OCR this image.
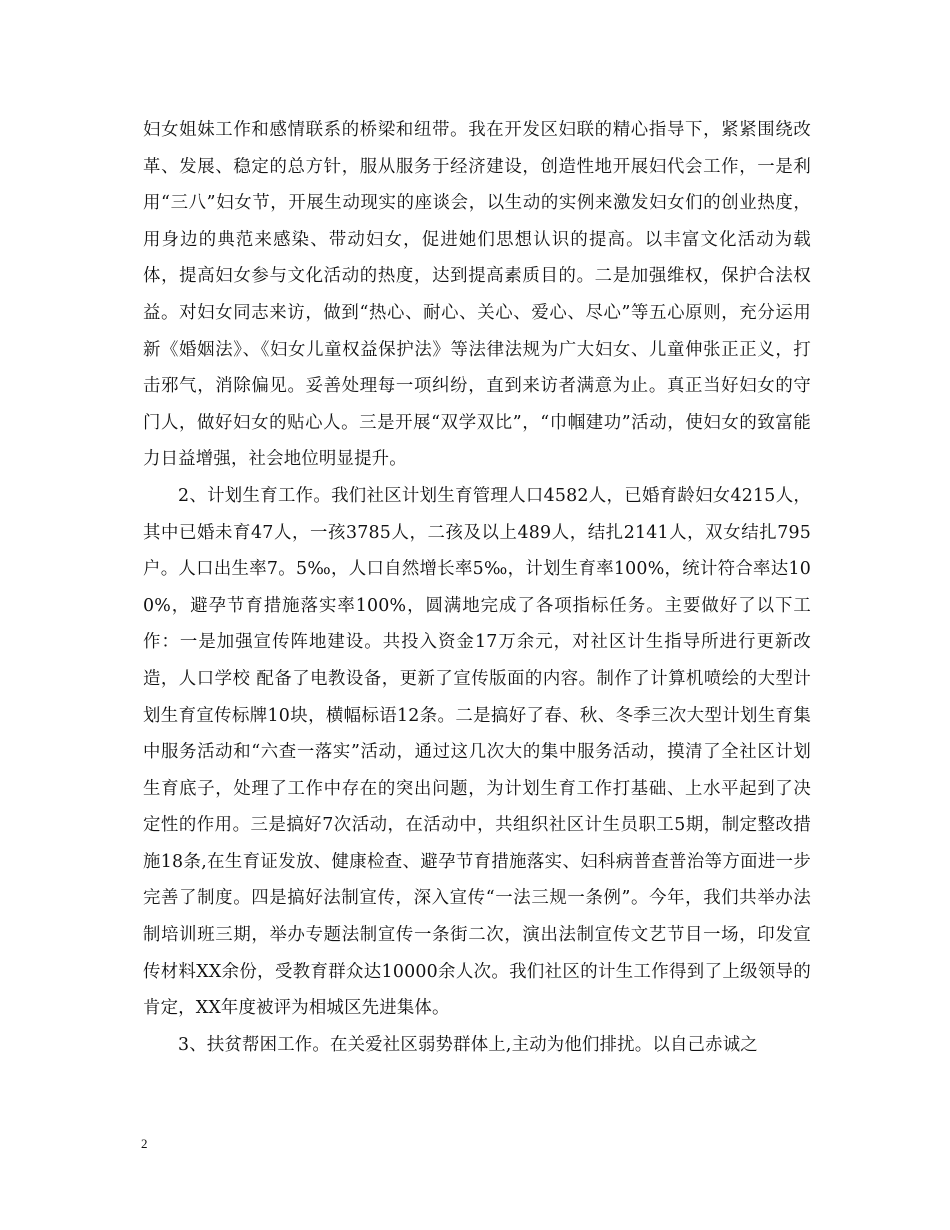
妇女姐妹工作和感情联系的桥梁和纽带。我在开发区妇联的精心指导下，紧紧围绕改革、发展、稳定的总方针，服从服务于经济建设，创造性地开展妇代会工作，一是利用“三八”妇女节，开展生动现实的座谈会，以生动的实例来激发妇女们的创业热度，用身边的典范来感染、带动妇女，促进她们思想认识的提高。以丰富文化活动为载体，提高妇女参与文化活动的热度，达到提高素质目的。二是加强维权，保护合法权益。对妇女同志来访，做到“热心、耐心、关心、爱心、尽心”等五心原则，充分运用新《婚姻法》、《妇女儿童权益保护法》等法律法规为广大妇女、儿童伸张正正义，打击邪气，消除偏见。妥善处理每一项纠纷，直到来访者满意为止。真正当好妇女的守门人，做好妇女的贴心人。三是开展“双学双比”，“巾帼建功”活动，使妇女的致富能力日益增强，社会地位明显提升。

2、计划生育工作。我们社区计划生育管理人口4582人，已婚育龄妇女4215人，其中已婚未育47人，一孩3785人，二孩及以上489人，结扎2141人，双女结扎795户。人口出生率7。5‰，人口自然增长率5‰，计划生育率100%，统计符合率达100%，避孕节育措施落实率100%，圆满地完成了各项指标任务。主要做好了以下工作：一是加强宣传阵地建设。共投入资金17万余元，对社区计生指导所进行更新改造，人口学校 配备了电教设备，更新了宣传版面的内容。制作了计算机喷绘的大型计划生育宣传标牌10块，横幅标语12条。二是搞好了春、秋、冬季三次大型计划生育集中服务活动和“六查一落实”活动，通过这几次大的集中服务活动，摸清了全社区计划生育底子，处理了工作中存在的突出问题，为计划生育工作打基础、上水平起到了决定性的作用。三是搞好7次活动，在活动中，共组织社区计生员职工5期，制定整改措施18条,在生育证发放、健康检查、避孕节育措施落实、妇科病普查普治等方面进一步完善了制度。四是搞好法制宣传，深入宣传“一法三规一条例”。今年，我们共举办法制培训班三期，举办专题法制宣传一条街二次，演出法制宣传文艺节目一场，印发宣传材料XX余份，受教育群众达10000余人次。我们社区的计生工作得到了上级领导的肯定，XX年度被评为相城区先进集体。

3、扶贫帮困工作。在关爱社区弱势群体上,主动为他们排扰。以自己赤诚之

2
